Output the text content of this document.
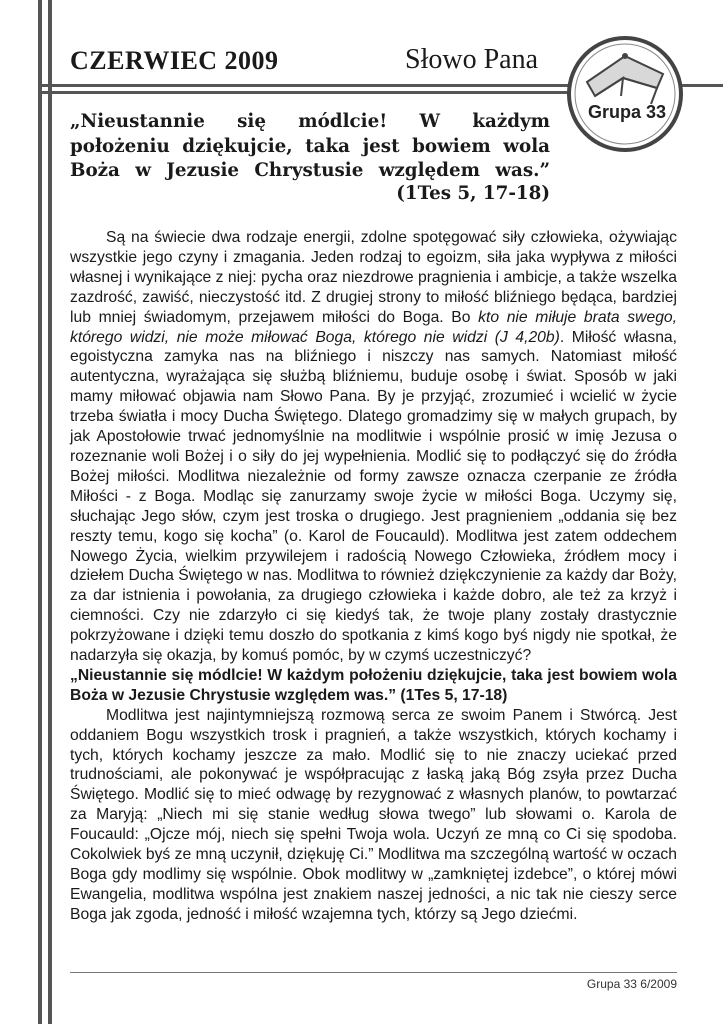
CZERWIEC 2009	Słowo Pana
Grupa 33
„Nieustannie się módlcie! W każdym położeniu dziękujcie, taka jest bowiem wola Boża w Jezusie Chrystusie względem was.”
(1Tes 5, 17-18)

Są na świecie dwa rodzaje energii, zdolne spotęgować siły człowieka, ożywiając wszystkie jego czyny i zmagania. Jeden rodzaj to egoizm, siła jaka wypływa z miłości własnej i wynikające z niej: pycha oraz niezdrowe pragnienia i ambicje, a także wszelka zazdrość, zawiść, nieczystość itd. Z drugiej strony to miłość bliźniego będąca, bardziej lub mniej świadomym, przejawem miłości do Boga. Bo kto nie miłuje brata swego, którego widzi, nie może miłować Boga, którego nie widzi (J 4,20b). Miłość własna, egoistyczna zamyka nas na bliźniego i niszczy nas samych. Natomiast miłość autentyczna, wyrażająca się służbą bliźniemu, buduje osobę i świat. Sposób w jaki mamy miłować objawia nam Słowo Pana. By je przyjąć, zrozumieć i wcielić w życie trzeba światła i mocy Ducha Świętego. Dlatego gromadzimy się w małych grupach, by jak Apostołowie trwać jednomyślnie na modlitwie i wspólnie prosić w imię Jezusa o rozeznanie woli Bożej i o siły do jej wypełnienia. Modlić się to podłączyć się do źródła Bożej miłości. Modlitwa niezależnie od formy zawsze oznacza czerpanie ze źródła Miłości - z Boga. Modląc się zanurzamy swoje życie w miłości Boga. Uczymy się, słuchając Jego słów, czym jest troska o drugiego. Jest pragnieniem „oddania się bez reszty temu, kogo się kocha” (o. Karol de Foucauld). Modlitwa jest zatem oddechem Nowego Życia, wielkim przywilejem i radością Nowego Człowieka, źródłem mocy i dziełem Ducha Świętego w nas. Modlitwa to również dziękczynienie za każdy dar Boży, za dar istnienia i powołania, za drugiego człowieka i każde dobro, ale też za krzyż i ciemności. Czy nie zdarzyło ci się kiedyś tak, że twoje plany zostały drastycznie pokrzyżowane i dzięki temu doszło do spotkania z kimś kogo byś nigdy nie spotkał, że nadarzyła się okazja, by komuś pomóc, by w czymś uczestniczyć?

„Nieustannie się módlcie! W każdym położeniu dziękujcie, taka jest bowiem wola Boża w Jezusie Chrystusie względem was.” (1Tes 5, 17-18)

Modlitwa jest najintymniejszą rozmową serca ze swoim Panem i Stwórcą. Jest oddaniem Bogu wszystkich trosk i pragnień, a także wszystkich, których kochamy i tych, których kochamy jeszcze za mało. Modlić się to nie znaczy uciekać przed trudnościami, ale pokonywać je współpracując z łaską jaką Bóg zsyła przez Ducha Świętego. Modlić się to mieć odwagę by rezygnować z własnych planów, to powtarzać za Maryją: „Niech mi się stanie według słowa twego” lub słowami o. Karola de Foucauld: „Ojcze mój, niech się spełni Twoja wola. Uczyń ze mną co Ci się spodoba. Cokolwiek byś ze mną uczynił, dziękuję Ci.” Modlitwa ma szczególną wartość w oczach Boga gdy modlimy się wspólnie. Obok modlitwy w „zamkniętej izdebce”, o której mówi Ewangelia, modlitwa wspólna jest znakiem naszej jedności, a nic tak nie cieszy serce Boga jak zgoda, jedność i miłość wzajemna tych, którzy są Jego dziećmi.

Grupa 33 6/2009
